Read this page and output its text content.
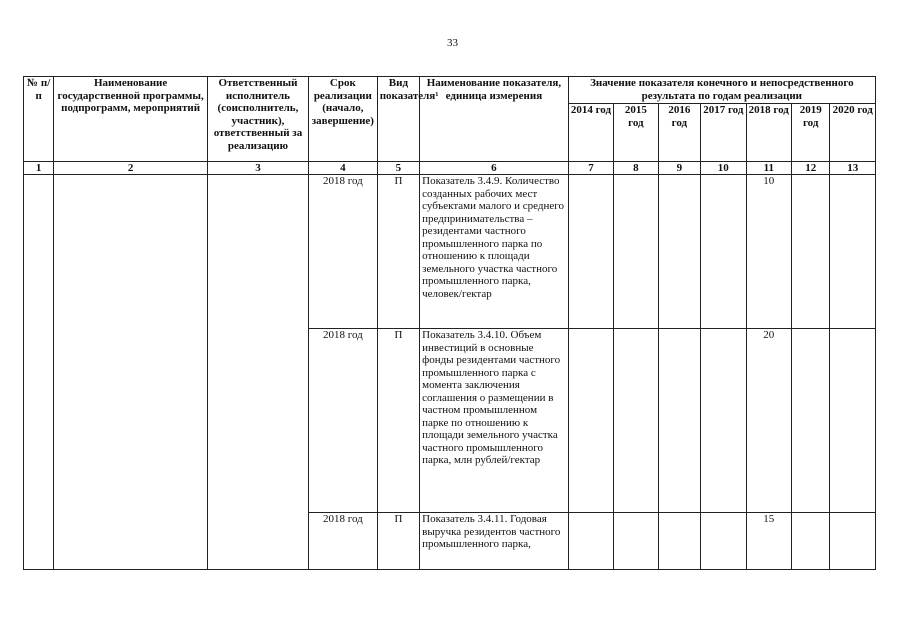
33
№ п/п	Наименование государственной программы, подпрограмм, мероприятий	Ответственный исполнитель (соисполнитель, участник), ответственный за реализацию	Срок реализации (начало, завершение)	Вид показателя¹	Наименование показателя, единица измерения	Значение показателя конечного и непосредственного результата по годам реализации						
						2014 год	2015 год	2016 год	2017 год	2018 год	2019 год	2020 год
1	2	3	4	5	6	7	8	9	10	11	12	13
			2018 год	П	Показатель 3.4.9. Количество созданных рабочих мест субъектами малого и среднего предпринимательства – резидентами частного промышленного парка по отношению к площади земельного участка частного промышленного парка, человек/гектар					10		
			2018 год	П	Показатель 3.4.10. Объем инвестиций в основные фонды резидентами частного промышленного парка с момента заключения соглашения о размещении в частном промышленном парке по отношению к площади земельного участка частного промышленного парка, млн рублей/гектар					20		
			2018 год	П	Показатель 3.4.11. Годовая выручка резидентов частного промышленного парка,					15		
